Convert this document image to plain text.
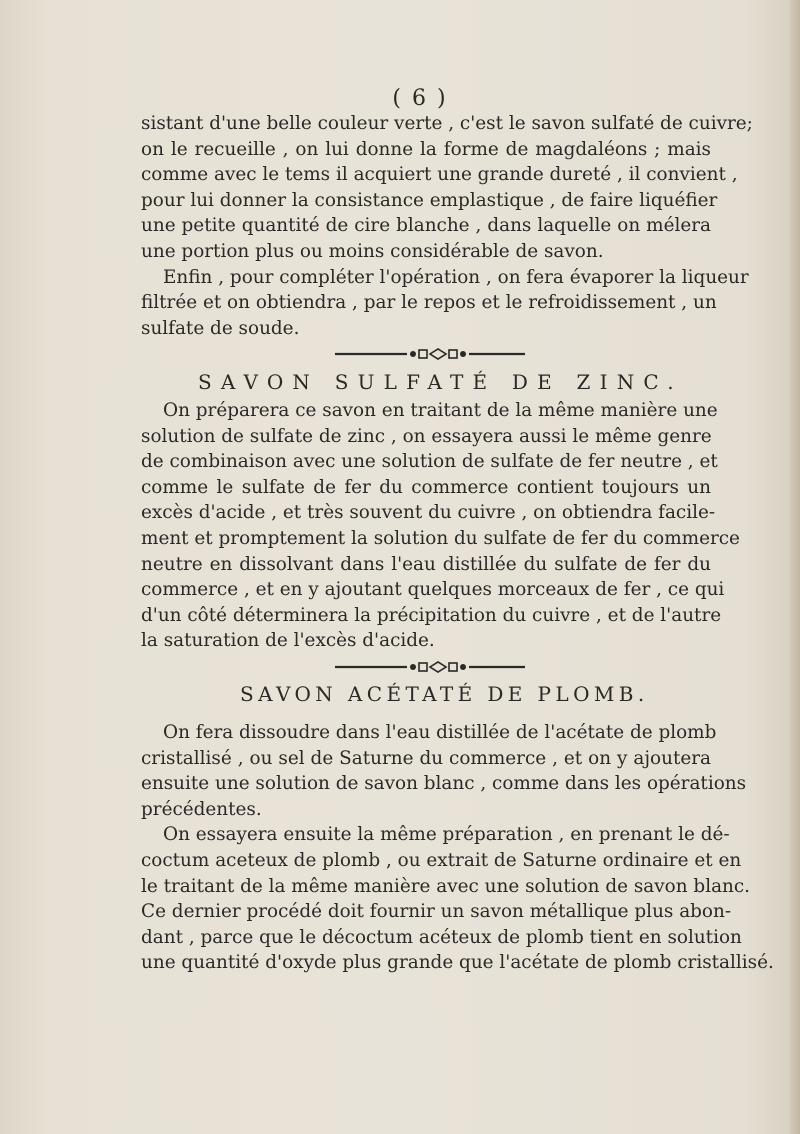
( 6 )
sistant d'une belle couleur verte , c'est le savon sulfaté de cuivre;
on le recueille , on lui donne la forme de magdaléons ; mais
comme avec le tems il acquiert une grande dureté , il convient ,
pour lui donner la consistance emplastique , de faire liquéfier
une petite quantité de cire blanche , dans laquelle on mélera
une portion plus ou moins considérable de savon.
Enfin , pour compléter l'opération , on fera évaporer la liqueur
filtrée et on obtiendra , par le repos et le refroidissement , un
sulfate de soude.
SAVON SULFATÉ DE ZINC.
On préparera ce savon en traitant de la même manière une
solution de sulfate de zinc , on essayera aussi le même genre
de combinaison avec une solution de sulfate de fer neutre , et
comme le sulfate de fer du commerce contient toujours un
excès d'acide , et très souvent du cuivre , on obtiendra facile-
ment et promptement la solution du sulfate de fer du commerce
neutre en dissolvant dans l'eau distillée du sulfate de fer du
commerce , et en y ajoutant quelques morceaux de fer , ce qui
d'un côté déterminera la précipitation du cuivre , et de l'autre
la saturation de l'excès d'acide.
SAVON ACÉTATÉ DE PLOMB.
On fera dissoudre dans l'eau distillée de l'acétate de plomb
cristallisé , ou sel de Saturne du commerce , et on y ajoutera
ensuite une solution de savon blanc , comme dans les opérations
précédentes.
On essayera ensuite la même préparation , en prenant le dé-
coctum aceteux de plomb , ou extrait de Saturne ordinaire et en
le traitant de la même manière avec une solution de savon blanc.
Ce dernier procédé doit fournir un savon métallique plus abon-
dant , parce que le décoctum acéteux de plomb tient en solution
une quantité d'oxyde plus grande que l'acétate de plomb cristallisé.
